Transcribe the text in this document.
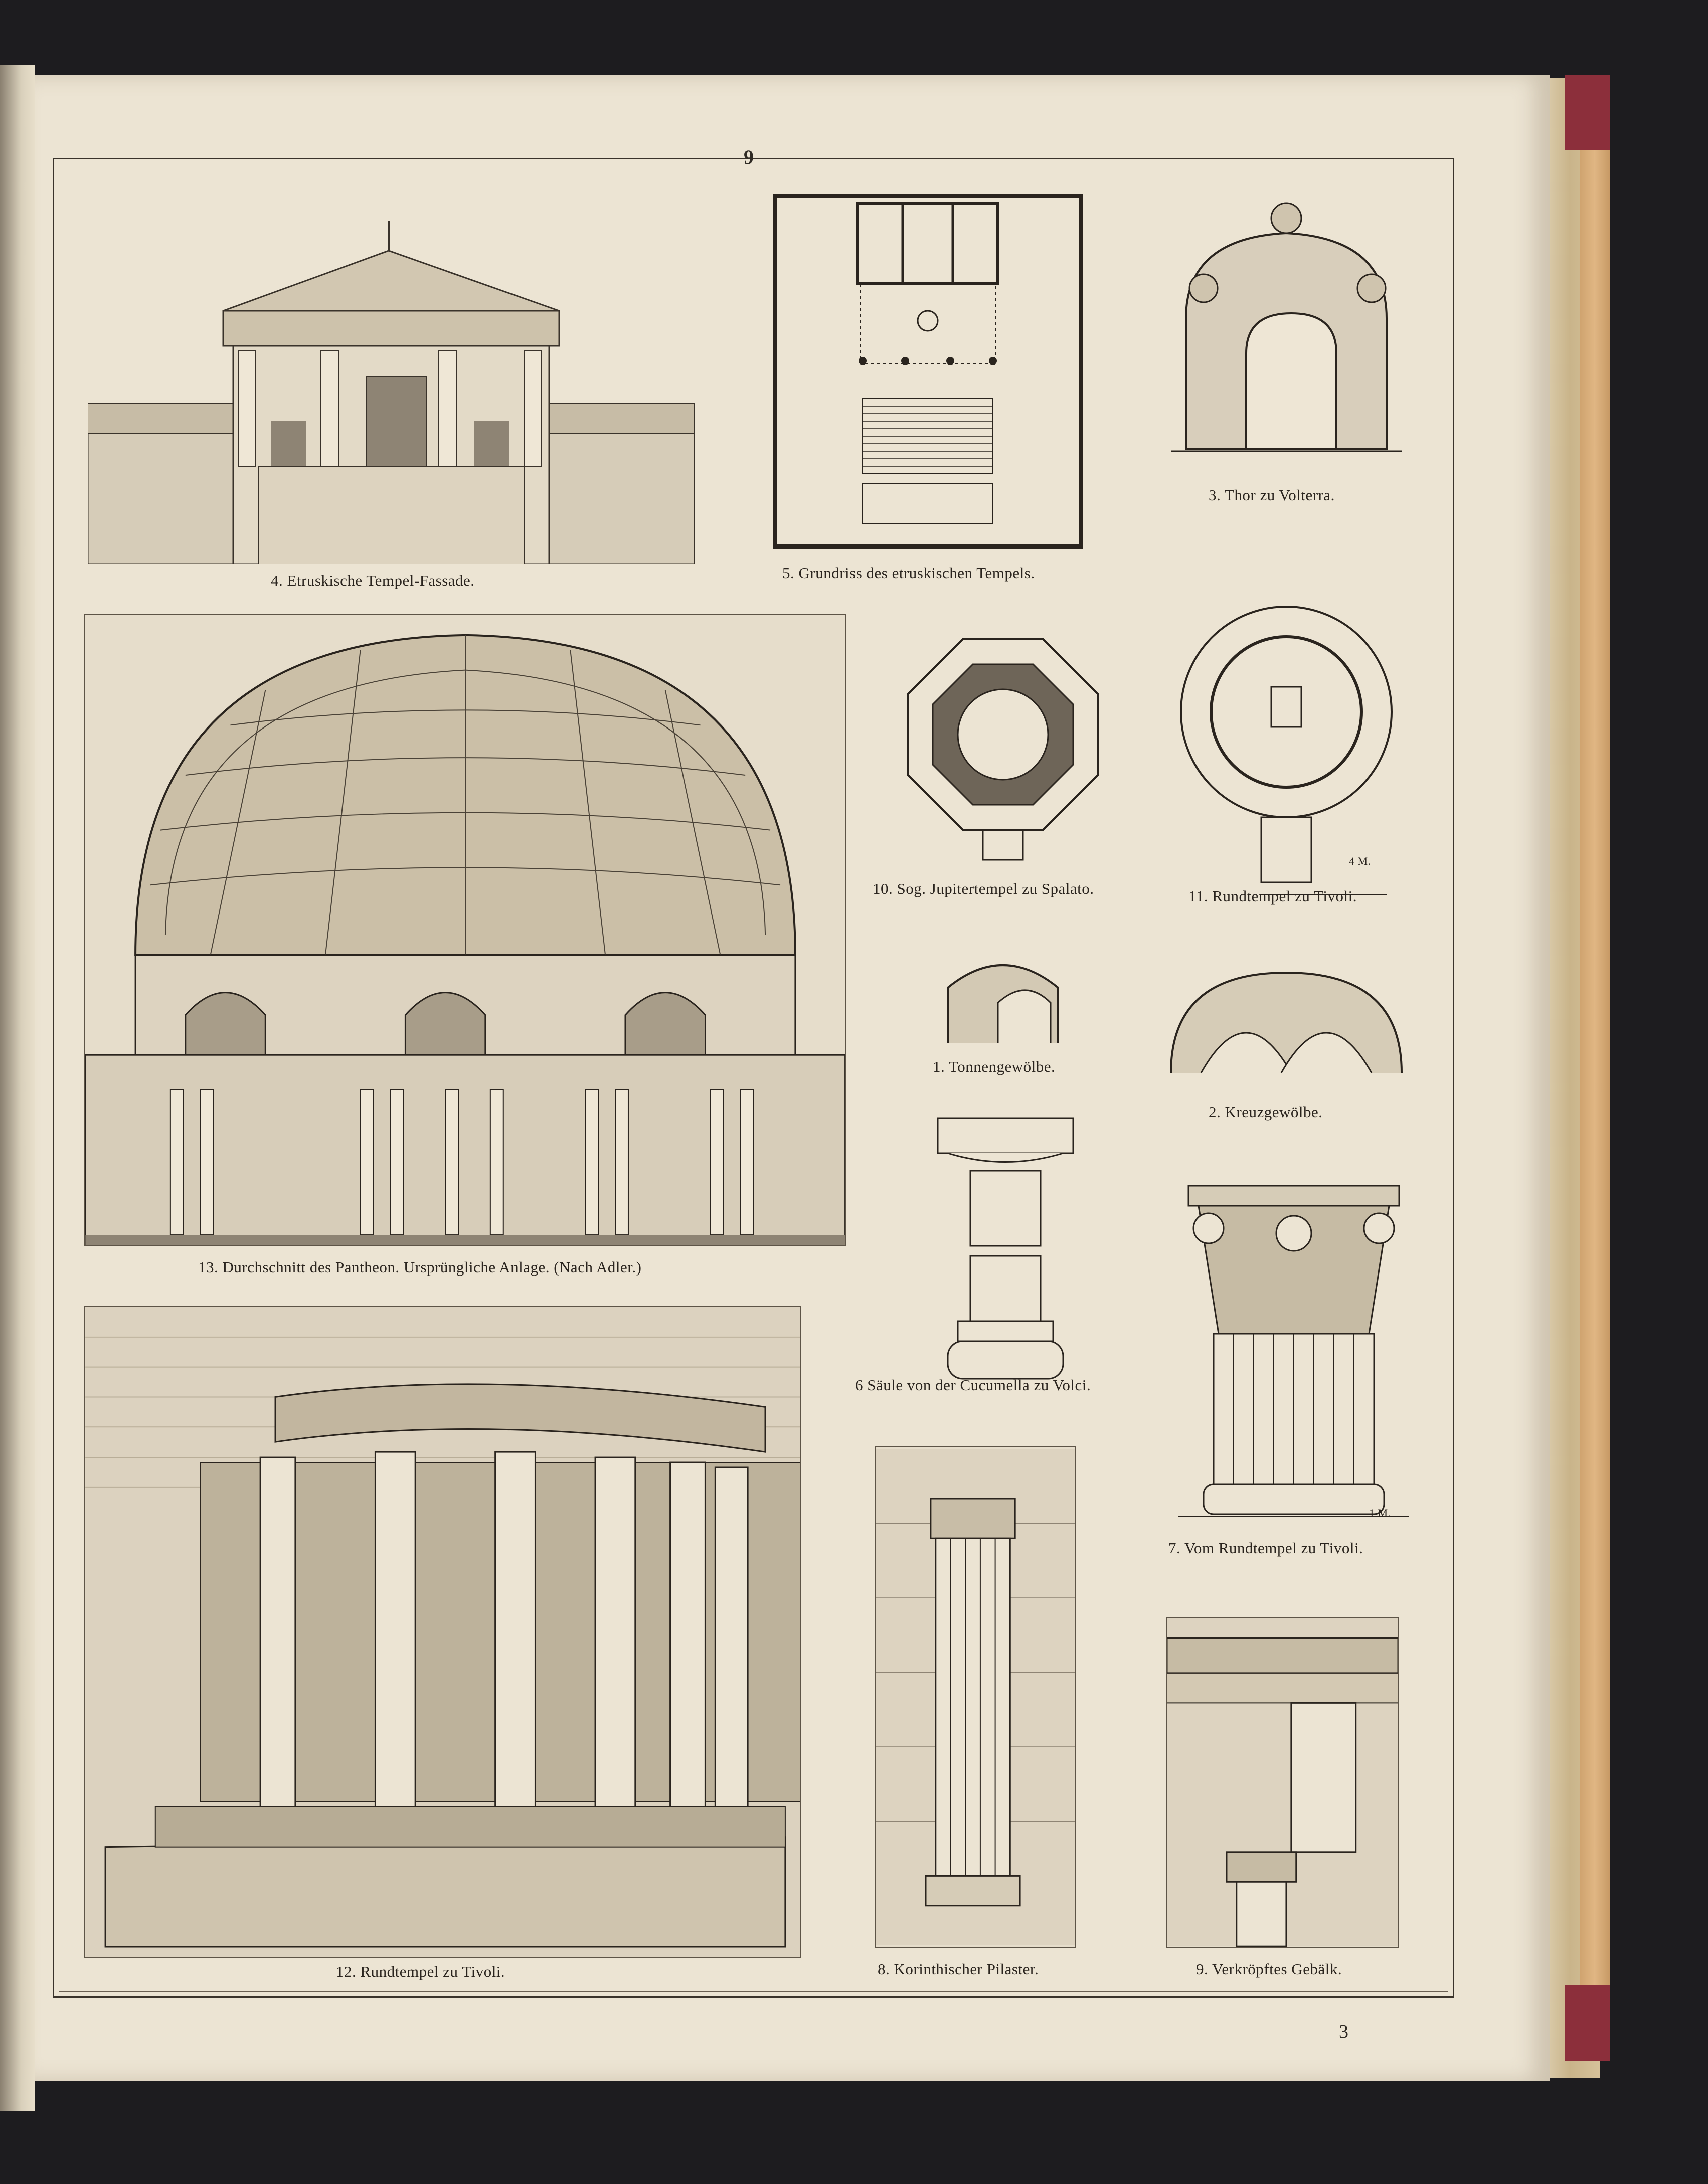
9
3
4. Etruskische Tempel-Fassade.	5. Grundriss des etruskischen Tempels.
3. Thor zu Volterra.
13. Durchschnitt des Pantheon. Ursprüngliche Anlage. (Nach Adler.)
10. Sog. Jupitertempel zu Spalato.	11. Rundtempel zu Tivoli.
4 M.
1. Tonnengewölbe.
2. Kreuzgewölbe.
6 Säule von der Cucumella zu Volci.
7. Vom Rundtempel zu Tivoli.
1 M.
12. Rundtempel zu Tivoli.	8. Korinthischer Pilaster.	9. Verkröpftes Gebälk.
